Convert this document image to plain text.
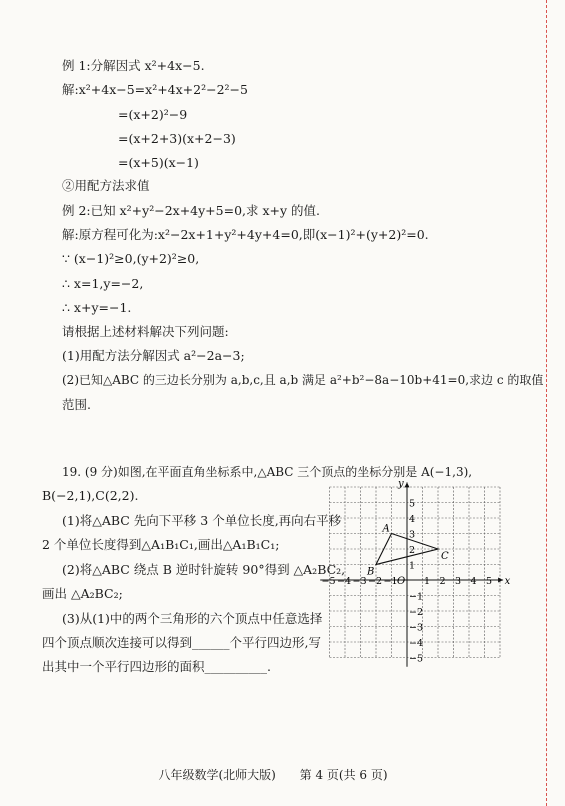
例 1:分解因式 x²+4x−5.
解:x²+4x−5=x²+4x+2²−2²−5
=(x+2)²−9
=(x+2+3)(x+2−3)
=(x+5)(x−1)
②用配方法求值
例 2:已知 x²+y²−2x+4y+5=0,求 x+y 的值.
解:原方程可化为:x²−2x+1+y²+4y+4=0,即(x−1)²+(y+2)²=0.
∵ (x−1)²≥0,(y+2)²≥0,
∴ x=1,y=−2,
∴ x+y=−1.
请根据上述材料解决下列问题:
(1)用配方法分解因式 a²−2a−3;
(2)已知△ABC 的三边长分别为 a,b,c,且 a,b 满足 a²+b²−8a−10b+41=0,求边 c 的取值
范围.
19. (9 分)如图,在平面直角坐标系中,△ABC 三个顶点的坐标分别是 A(−1,3),
B(−2,1),C(2,2).
(1)将△ABC 先向下平移 3 个单位长度,再向右平移
2 个单位长度得到△A₁B₁C₁,画出△A₁B₁C₁;
(2)将△ABC 绕点 B 逆时针旋转 90°得到 △A₂BC₂,
画出 △A₂BC₂;
(3)从(1)中的两个三角形的六个顶点中任意选择
四个顶点顺次连接可以得到______个平行四边形,写
出其中一个平行四边形的面积__________.
x
y
−5 −4 −3 −2 −1	1 2 3 4 5
5
4
3
2
1
−1
−2
−3
−4
−5
O
A
B
C
八年级数学(北师大版) 第 4 页(共 6 页)
